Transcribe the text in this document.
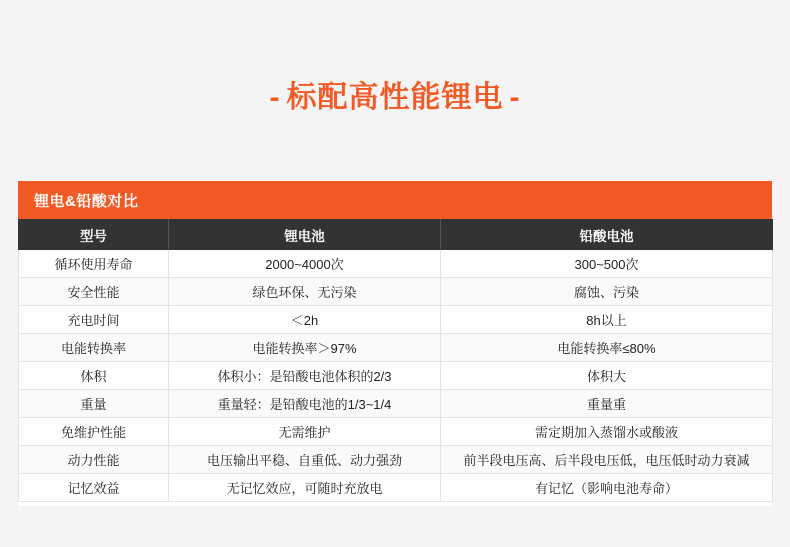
- 标配高性能锂电 -
锂电&铅酸对比
型号	锂电池	铅酸电池
循环使用寿命	2000~4000次	300~500次
安全性能	绿色环保、无污染	腐蚀、污染
充电时间	＜2h	8h以上
电能转换率	电能转换率＞97%	电能转换率≤80%
体积	体积小：是铅酸电池体积的2/3	体积大
重量	重量轻：是铅酸电池的1/3~1/4	重量重
免维护性能	无需维护	需定期加入蒸馏水或酸液
动力性能	电压输出平稳、自重低、动力强劲	前半段电压高、后半段电压低，电压低时动力衰减
记忆效益	无记忆效应，可随时充放电	有记忆（影响电池寿命）
